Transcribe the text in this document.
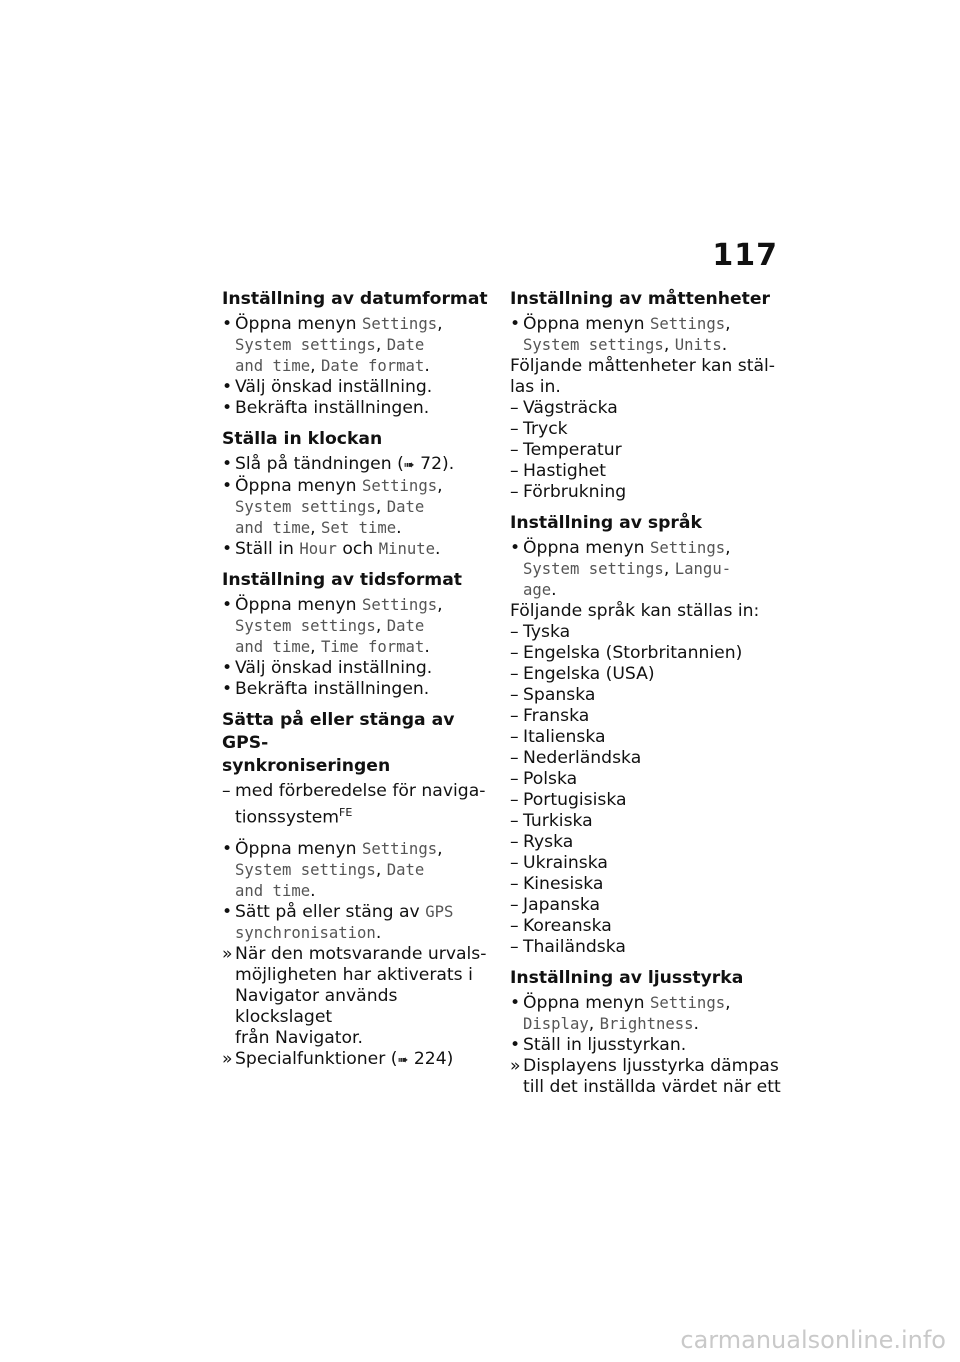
117

Inställning av datumformat

• Öppna menyn Settings,

System settings, Date

and time, Date format.

• Välj önskad inställning.

• Bekräfta inställningen.

Ställa in klockan

• Slå på tändningen (➠ 72).

• Öppna menyn Settings,

System settings, Date

and time, Set time.

• Ställ in Hour och Minute.

Inställning av tidsformat

• Öppna menyn Settings,

System settings, Date

and time, Time format.

• Välj önskad inställning.

• Bekräfta inställningen.

Sätta på eller stänga av GPS-

synkroniseringen

– med förberedelse för naviga-

tionssystem$^{FE}$

• Öppna menyn Settings,

System settings, Date

and time.

• Sätt på eller stäng av GPS

synchronisation.

» När den motsvarande urvals-

möjligheten har aktiverats i

Navigator används klockslaget

från Navigator.

» Specialfunktioner (➠ 224)

Inställning av måttenheter

• Öppna menyn Settings,

System settings, Units.

Följande måttenheter kan stäl-

las in.

– Vägsträcka

– Tryck

– Temperatur

– Hastighet

– Förbrukning

Inställning av språk

• Öppna menyn Settings,

System settings, Langu-

age.

Följande språk kan ställas in:

– Tyska

– Engelska (Storbritannien)

– Engelska (USA)

– Spanska

– Franska

– Italienska

– Nederländska

– Polska

– Portugisiska

– Turkiska

– Ryska

– Ukrainska

– Kinesiska

– Japanska

– Koreanska

– Thailändska

Inställning av ljusstyrka

• Öppna menyn Settings,

Display, Brightness.

• Ställ in ljusstyrkan.

» Displayens ljusstyrka dämpas

till det inställda värdet när ett

carmanualsonline.info
